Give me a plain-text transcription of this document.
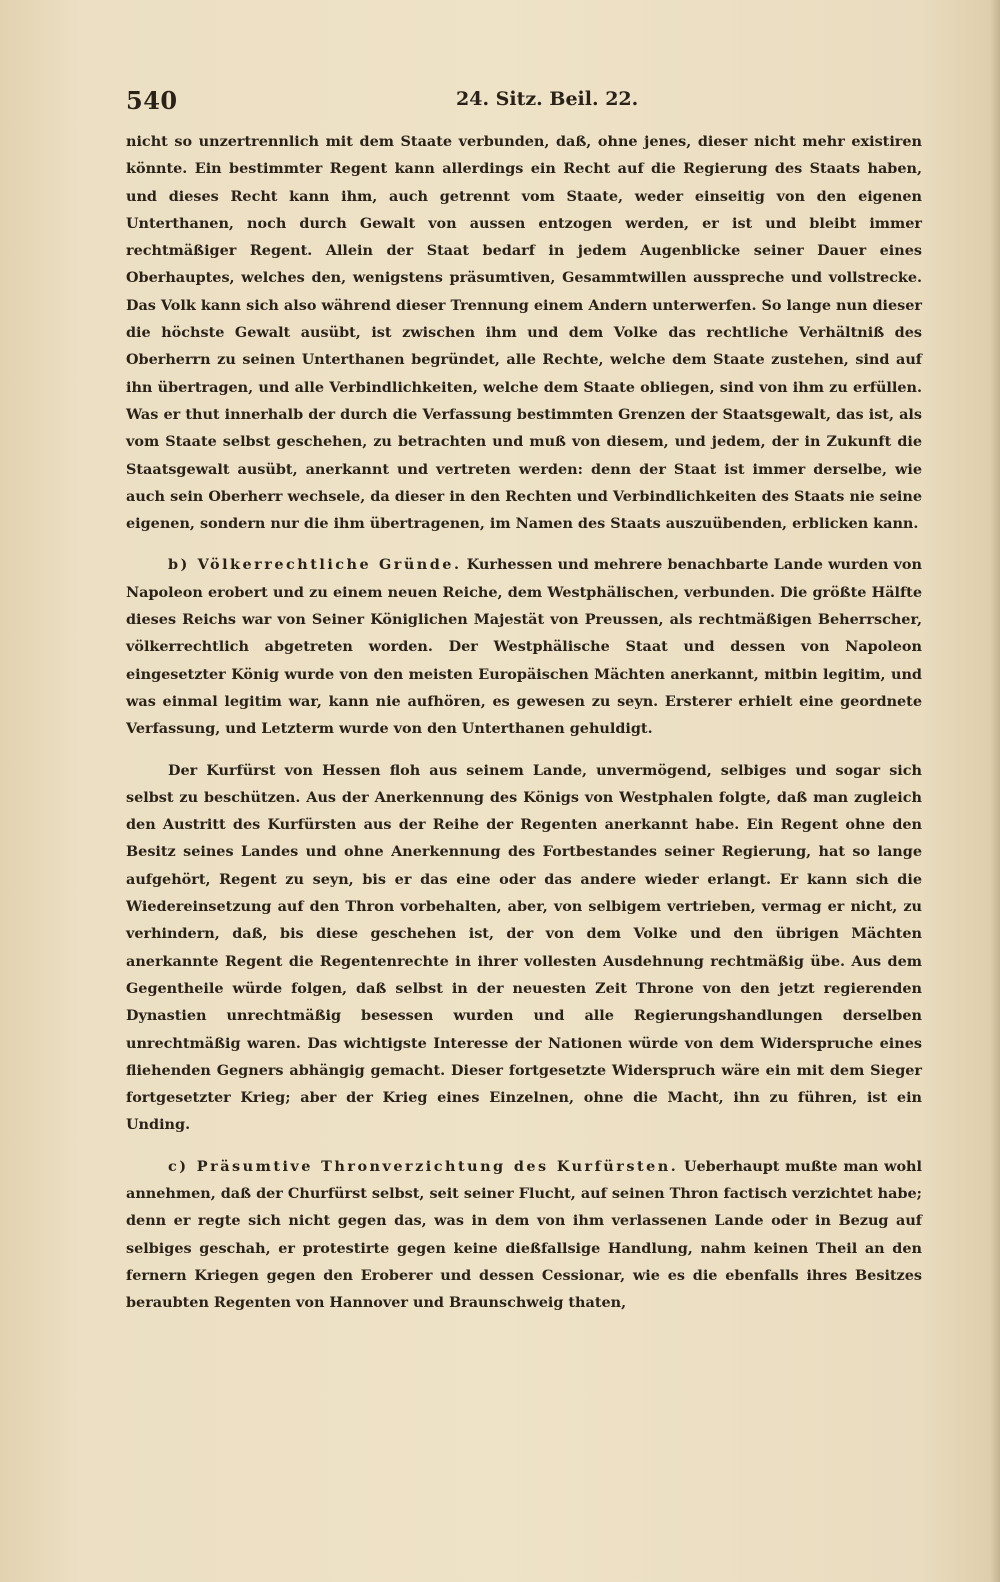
540	24. Sitz. Beil. 22.

nicht so unzertrennlich mit dem Staate verbunden, daß, ohne jenes, dieser nicht mehr existiren könnte. Ein bestimmter Regent kann allerdings ein Recht auf die Regierung des Staats haben, und dieses Recht kann ihm, auch getrennt vom Staate, weder einseitig von den eigenen Unterthanen, noch durch Gewalt von aussen entzogen werden, er ist und bleibt immer rechtmäßiger Regent. Allein der Staat bedarf in jedem Augenblicke seiner Dauer eines Oberhauptes, welches den, wenigstens präsumtiven, Gesammtwillen ausspreche und vollstrecke. Das Volk kann sich also während dieser Trennung einem Andern unterwerfen. So lange nun dieser die höchste Gewalt ausübt, ist zwischen ihm und dem Volke das rechtliche Verhältniß des Oberherrn zu seinen Unterthanen begründet, alle Rechte, welche dem Staate zustehen, sind auf ihn übertragen, und alle Verbindlichkeiten, welche dem Staate obliegen, sind von ihm zu erfüllen. Was er thut innerhalb der durch die Verfassung bestimmten Grenzen der Staatsgewalt, das ist, als vom Staate selbst geschehen, zu betrachten und muß von diesem, und jedem, der in Zukunft die Staatsgewalt ausübt, anerkannt und vertreten werden: denn der Staat ist immer derselbe, wie auch sein Oberherr wechsele, da dieser in den Rechten und Verbindlichkeiten des Staats nie seine eigenen, sondern nur die ihm übertragenen, im Namen des Staats auszuübenden, erblicken kann.

b) Völkerrechtliche Gründe. Kurhessen und mehrere benachbarte Lande wurden von Napoleon erobert und zu einem neuen Reiche, dem Westphälischen, verbunden. Die größte Hälfte dieses Reichs war von Seiner Königlichen Majestät von Preussen, als rechtmäßigen Beherrscher, völkerrechtlich abgetreten worden. Der Westphälische Staat und dessen von Napoleon eingesetzter König wurde von den meisten Europäischen Mächten anerkannt, mitbin legitim, und was einmal legitim war, kann nie aufhören, es gewesen zu seyn. Ersterer erhielt eine geordnete Verfassung, und Letzterm wurde von den Unterthanen gehuldigt.

Der Kurfürst von Hessen floh aus seinem Lande, unvermögend, selbiges und sogar sich selbst zu beschützen. Aus der Anerkennung des Königs von Westphalen folgte, daß man zugleich den Austritt des Kurfürsten aus der Reihe der Regenten anerkannt habe. Ein Regent ohne den Besitz seines Landes und ohne Anerkennung des Fortbestandes seiner Regierung, hat so lange aufgehört, Regent zu seyn, bis er das eine oder das andere wieder erlangt. Er kann sich die Wiedereinsetzung auf den Thron vorbehalten, aber, von selbigem vertrieben, vermag er nicht, zu verhindern, daß, bis diese geschehen ist, der von dem Volke und den übrigen Mächten anerkannte Regent die Regentenrechte in ihrer vollesten Ausdehnung rechtmäßig übe. Aus dem Gegentheile würde folgen, daß selbst in der neuesten Zeit Throne von den jetzt regierenden Dynastien unrechtmäßig besessen wurden und alle Regierungshandlungen derselben unrechtmäßig waren. Das wichtigste Interesse der Nationen würde von dem Widerspruche eines fliehenden Gegners abhängig gemacht. Dieser fortgesetzte Widerspruch wäre ein mit dem Sieger fortgesetzter Krieg; aber der Krieg eines Einzelnen, ohne die Macht, ihn zu führen, ist ein Unding.

c) Präsumtive Thronverzichtung des Kurfürsten. Ueberhaupt mußte man wohl annehmen, daß der Churfürst selbst, seit seiner Flucht, auf seinen Thron factisch verzichtet habe; denn er regte sich nicht gegen das, was in dem von ihm verlassenen Lande oder in Bezug auf selbiges geschah, er protestirte gegen keine dießfallsige Handlung, nahm keinen Theil an den fernern Kriegen gegen den Eroberer und dessen Cessionar, wie es die ebenfalls ihres Besitzes beraubten Regenten von Hannover und Braunschweig thaten,
